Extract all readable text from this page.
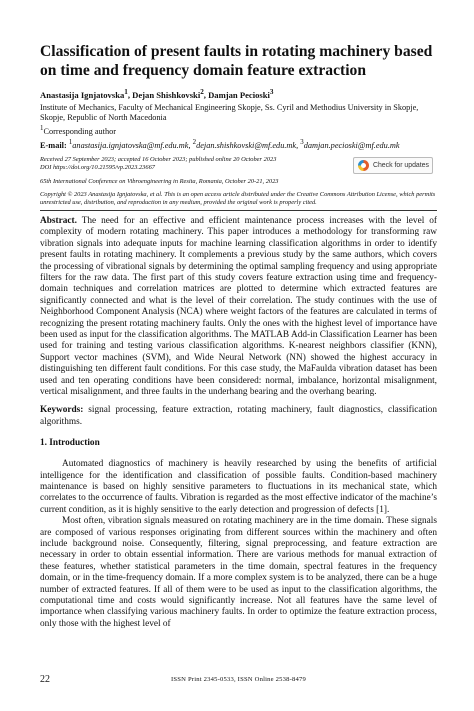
Classification of present faults in rotating machinery based on time and frequency domain feature extraction

Anastasija Ignjatovska$^1$, Dejan Shishkovski$^2$, Damjan Pecioski$^3$

Institute of Mechanics, Faculty of Mechanical Engineering Skopje, Ss. Cyril and Methodius University in Skopje, Skopje, Republic of North Macedonia

$^1$Corresponding author

E-mail: $^1$anastasija.ignjatovska@mf.edu.mk, $^2$dejan.shishkovski@mf.edu.mk, $^3$damjan.pecioski@mf.edu.mk

Received 27 September 2023; accepted 16 October 2023; published online 20 October 2023
DOI https://doi.org/10.21595/vp.2023.23667	Check for updates

65th International Conference on Vibroengineering in Resita, Romania, October 20-21, 2023

Copyright © 2023 Anastasija Ignjatovska, et al. This is an open access article distributed under the Creative Commons Attribution License, which permits unrestricted use, distribution, and reproduction in any medium, provided the original work is properly cited.

Abstract. The need for an effective and efficient maintenance process increases with the level of complexity of modern rotating machinery. This paper introduces a methodology for transforming raw vibration signals into adequate inputs for machine learning classification algorithms in order to identify present faults in rotating machinery. It complements a previous study by the same authors, which covers the processing of vibrational signals by determining the optimal sampling frequency and using appropriate filters for the raw data. The first part of this study covers feature extraction using time and frequency-domain techniques and correlation matrices are plotted to determine which extracted features are significantly connected and what is the level of their correlation. The study continues with the use of Neighborhood Component Analysis (NCA) where weight factors of the features are calculated in terms of recognizing the present rotating machinery faults. Only the ones with the highest level of importance have been used as input for the classification algorithms. The MATLAB Add-in Classification Learner has been used for training and testing various classification algorithms. K-nearest neighbors classifier (KNN), Support vector machines (SVM), and Wide Neural Network (NN) showed the highest accuracy in distinguishing ten different fault conditions. For this case study, the MaFaulda vibration dataset has been used and ten operating conditions have been considered: normal, imbalance, horizontal misalignment, vertical misalignment, and three faults in the underhang bearing and the overhang bearing.

Keywords: signal processing, feature extraction, rotating machinery, fault diagnostics, classification algorithms.

1. Introduction

Automated diagnostics of machinery is heavily researched by using the benefits of artificial intelligence for the identification and classification of possible faults. Condition-based machinery maintenance is based on highly sensitive parameters to fluctuations in its mechanical state, which correlates to the occurrence of faults. Vibration is regarded as the most effective indicator of the machine’s current condition, as it is highly sensitive to the early detection and progression of defects [1].

Most often, vibration signals measured on rotating machinery are in the time domain. These signals are composed of various responses originating from different sources within the machinery and often include background noise. Consequently, filtering, signal preprocessing, and feature extraction are necessary in order to obtain essential information. There are various methods for manual extraction of these features, whether statistical parameters in the time domain, spectral features in the frequency domain, or in the time-frequency domain. If a more complex system is to be analyzed, there can be a huge number of extracted features. If all of them were to be used as input to the classification algorithms, the computational time and costs would significantly increase. Not all features have the same level of importance when classifying various machinery faults. In order to optimize the feature extraction process, only those with the highest level of

22	ISSN Print 2345-0533, ISSN Online 2538-8479
